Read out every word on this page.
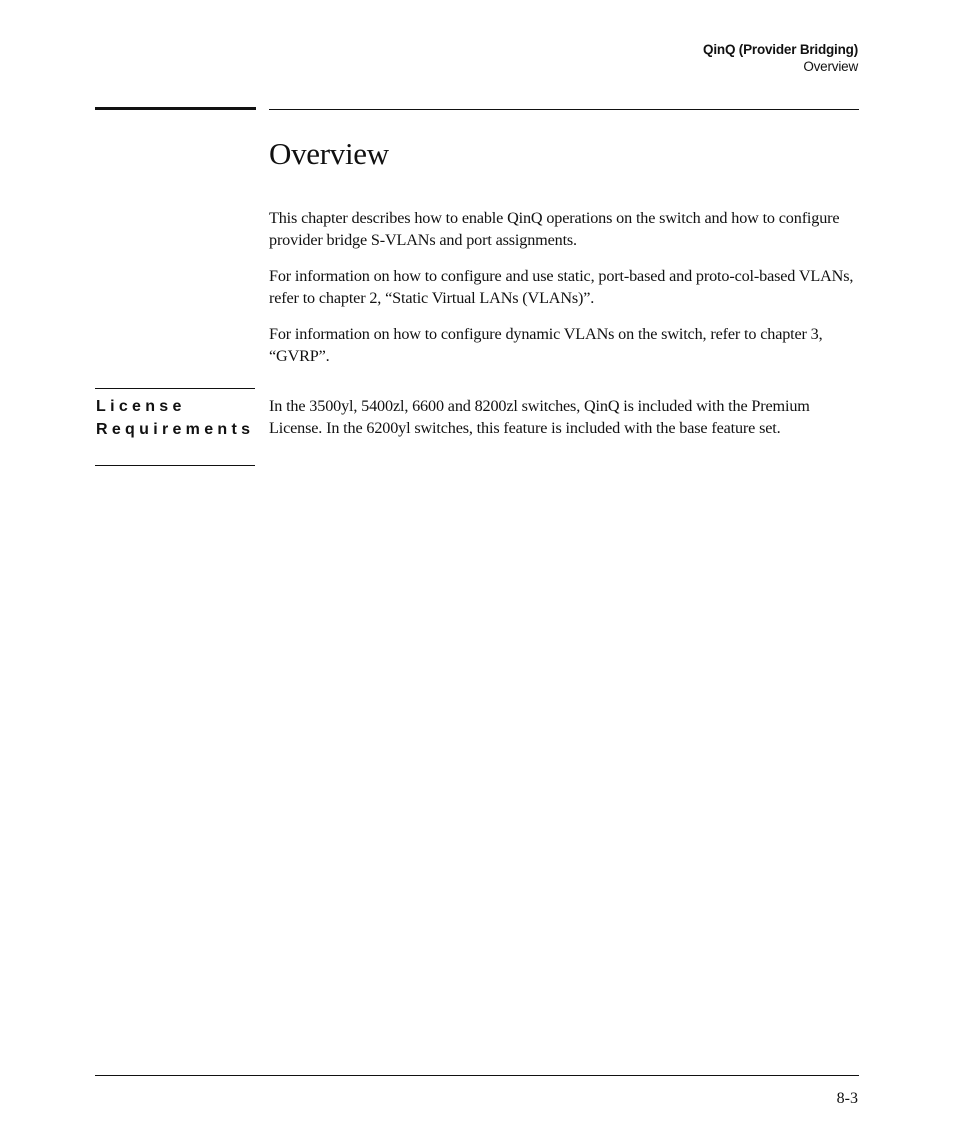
QinQ (Provider Bridging)
Overview
Overview

This chapter describes how to enable QinQ operations on the switch and how to configure provider bridge S-VLANs and port assignments.

For information on how to configure and use static, port-based and proto-col-based VLANs, refer to chapter 2, “Static Virtual LANs (VLANs)”.

For information on how to configure dynamic VLANs on the switch, refer to chapter 3, “GVRP”.

License
Requirements

In the 3500yl, 5400zl, 6600 and 8200zl switches, QinQ is included with the Premium License. In the 6200yl switches, this feature is included with the base feature set.

8-3
